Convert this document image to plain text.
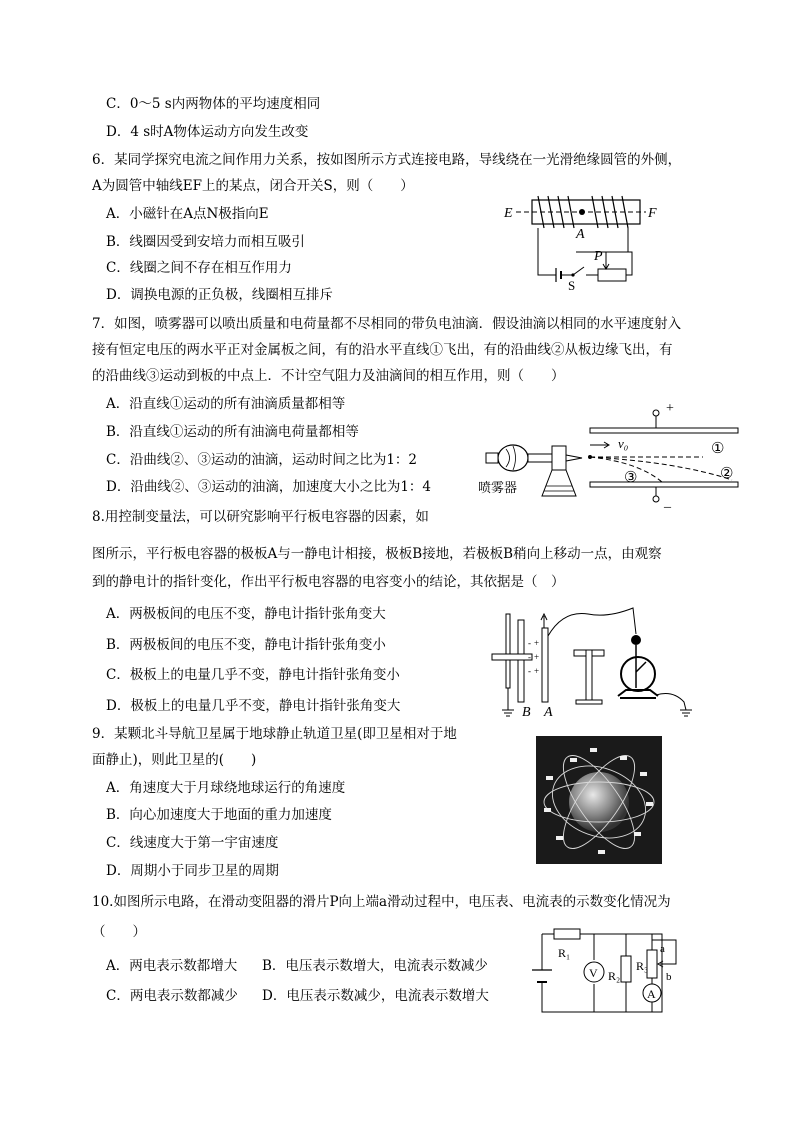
C．0～5 s内两物体的平均速度相同
D．4 s时A物体运动方向发生改变
6．某同学探究电流之间作用力关系，按如图所示方式连接电路，导线绕在一光滑绝缘圆管的外侧，
A为圆管中轴线EF上的某点，闭合开关S，则（　　）
A．小磁针在A点N极指向E
B．线圈因受到安培力而相互吸引
C．线圈之间不存在相互作用力
D．调换电源的正负极，线圈相互排斥
E	F
A
S
P
7．如图，喷雾器可以喷出质量和电荷量都不尽相同的带负电油滴．假设油滴以相同的水平速度射入
接有恒定电压的两水平正对金属板之间，有的沿水平直线①飞出，有的沿曲线②从板边缘飞出，有
的沿曲线③运动到板的中点上．不计空气阻力及油滴间的相互作用，则（　　）
A．沿直线①运动的所有油滴质量都相等
B．沿直线①运动的所有油滴电荷量都相等
C．沿曲线②、③运动的油滴，运动时间之比为1：2
D．沿曲线②、③运动的油滴，加速度大小之比为1：4
+
_
v₀	①
②
③
喷雾器
8.用控制变量法，可以研究影响平行板电容器的因素，如
图所示，平行板电容器的极板A与一静电计相接，极板B接地，若极板B稍向上移动一点，由观察
到的静电计的指针变化，作出平行板电容器的电容变小的结论，其依据是（　）
A．两极板间的电压不变，静电计指针张角变大
B．两极板间的电压不变，静电计指针张角变小
C．极板上的电量几乎不变，静电计指针张角变小
D．极板上的电量几乎不变，静电计指针张角变大
-
-
-
+
+
+
B A
9．某颗北斗导航卫星属于地球静止轨道卫星(即卫星相对于地
面静止)，则此卫星的(　　)
A．角速度大于月球绕地球运行的角速度
B．向心加速度大于地面的重力加速度
C．线速度大于第一宇宙速度
D．周期小于同步卫星的周期
10.如图所示电路，在滑动变阻器的滑片P向上端a滑动过程中，电压表、电流表的示数变化情况为
（　　）
A．两电表示数都增大 B．电压表示数增大，电流表示数减少
C．两电表示数都减少 D．电压表示数减少，电流表示数增大
R₁
V R₂
R₃
a
b
A
